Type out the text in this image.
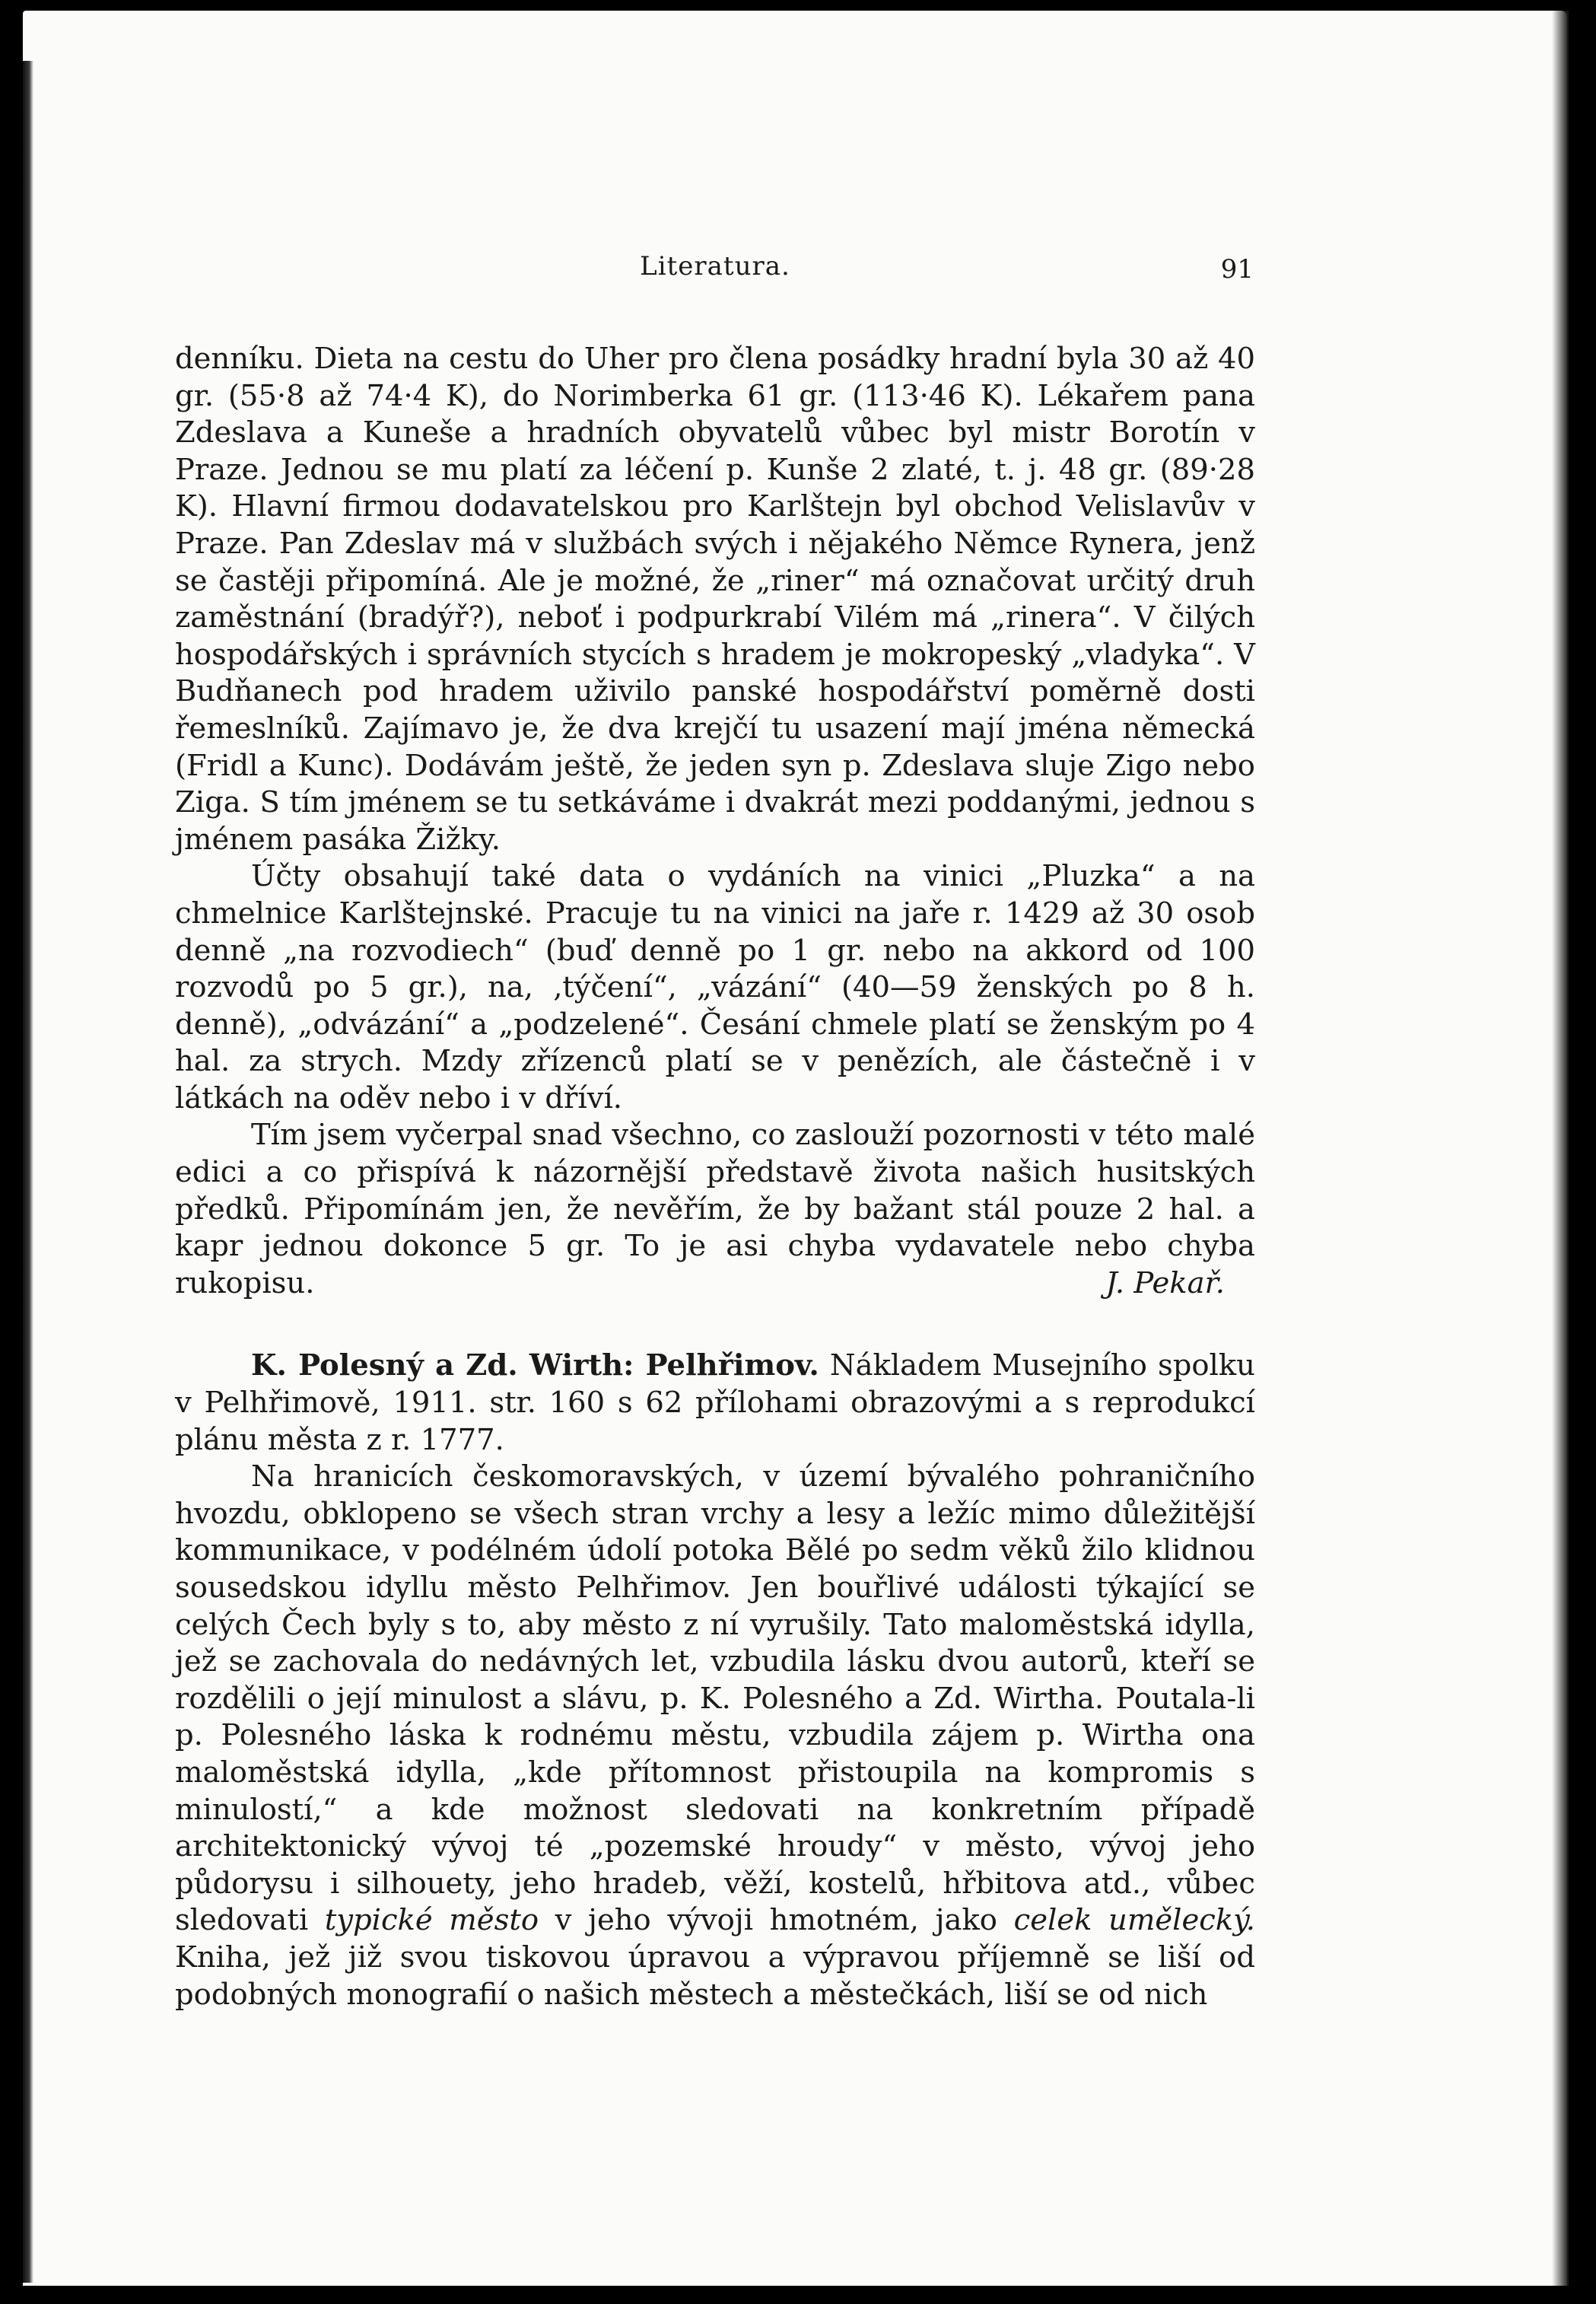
Literatura.	91

denníku. Dieta na cestu do Uher pro člena posádky hradní byla 30 až 40 gr. (55·8 až 74·4 K), do Norimberka 61 gr. (113·46 K). Lékařem pana Zdeslava a Kuneše a hradních obyvatelů vůbec byl mistr Borotín v Praze. Jednou se mu platí za léčení p. Kunše 2 zlaté, t. j. 48 gr. (89·28 K). Hlavní firmou dodavatelskou pro Karlštejn byl obchod Velislavův v Praze. Pan Zdeslav má v službách svých i nějakého Němce Rynera, jenž se častěji připomíná. Ale je možné, že „riner“ má označovat určitý druh zaměstnání (bradýř?), neboť i podpurkrabí Vilém má „rinera“. V čilých hospodářských i správních stycích s hradem je mokropeský „vladyka“. V Budňanech pod hradem uživilo panské hospodářství poměrně dosti řemeslníků. Zajímavo je, že dva krejčí tu usazení mají jména německá (Fridl a Kunc). Dodávám ještě, že jeden syn p. Zdeslava sluje Zigo nebo Ziga. S tím jménem se tu setkáváme i dvakrát mezi poddanými, jednou s jménem pasáka Žižky.

Účty obsahují také data o vydáních na vinici „Pluzka“ a na chmelnice Karlštejnské. Pracuje tu na vinici na jaře r. 1429 až 30 osob denně „na rozvodiech“ (buď denně po 1 gr. nebo na akkord od 100 rozvodů po 5 gr.), na, ‚týčení“, „vázání“ (40—59 ženských po 8 h. denně), „odvázání“ a „podzelené“. Česání chmele platí se ženským po 4 hal. za strych. Mzdy zřízenců platí se v penězích, ale částečně i v látkách na oděv nebo i v dříví.

Tím jsem vyčerpal snad všechno, co zaslouží pozornosti v této malé edici a co přispívá k názornější představě života našich husitských předků. Připomínám jen, že nevěřím, že by bažant stál pouze 2 hal. a kapr jednou dokonce 5 gr. To je asi chyba vydavatele nebo chyba rukopisu.	J. Pekař.

K. Polesný a Zd. Wirth: Pelhřimov. Nákladem Musejního spolku v Pelhřimově, 1911. str. 160 s 62 přílohami obrazovými a s reprodukcí plánu města z r. 1777.

Na hranicích českomoravských, v území bývalého pohraničního hvozdu, obklopeno se všech stran vrchy a lesy a ležíc mimo důležitější kommunikace, v podélném údolí potoka Bělé po sedm věků žilo klidnou sousedskou idyllu město Pelhřimov. Jen bouřlivé události týkající se celých Čech byly s to, aby město z ní vyrušily. Tato maloměstská idylla, jež se zachovala do nedávných let, vzbudila lásku dvou autorů, kteří se rozdělili o její minulost a slávu, p. K. Polesného a Zd. Wirtha. Poutala-li p. Polesného láska k rodnému městu, vzbudila zájem p. Wirtha ona maloměstská idylla, „kde přítomnost přistoupila na kompromis s minulostí,“ a kde možnost sledovati na konkretním případě architektonický vývoj té „pozemské hroudy“ v město, vývoj jeho půdorysu i silhouety, jeho hradeb, věží, kostelů, hřbitova atd., vůbec sledovati typické město v jeho vývoji hmotném, jako celek umělecký. Kniha, jež již svou tiskovou úpravou a výpravou příjemně se liší od podobných monografií o našich městech a městečkách, liší se od nich
